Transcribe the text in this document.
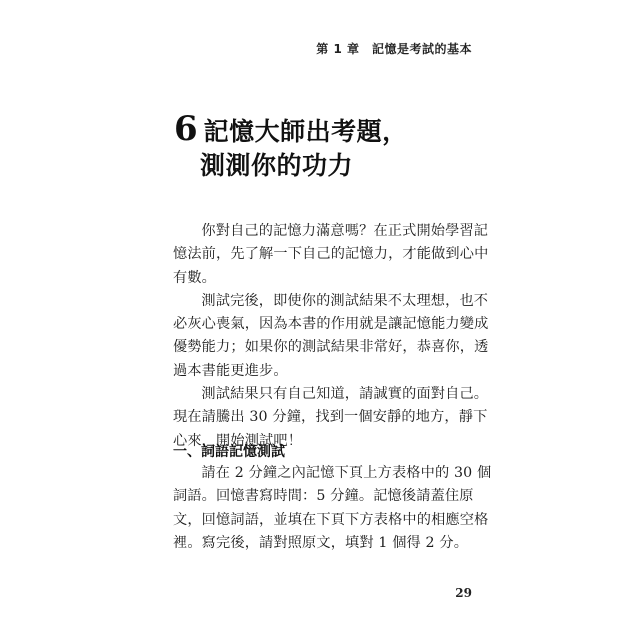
第 1 章　記憶是考試的基本
6 記憶大師出考題，
測測你的功力

你對自己的記憶力滿意嗎？在正式開始學習記憶法前，先了解一下自己的記憶力，才能做到心中有數。

測試完後，即使你的測試結果不太理想，也不必灰心喪氣，因為本書的作用就是讓記憶能力變成優勢能力；如果你的測試結果非常好，恭喜你，透過本書能更進步。

測試結果只有自己知道，請誠實的面對自己。現在請騰出 30 分鐘，找到一個安靜的地方，靜下心來，開始測試吧！

一、詞語記憶測試

請在 2 分鐘之內記憶下頁上方表格中的 30 個詞語。回憶書寫時間：5 分鐘。記憶後請蓋住原文，回憶詞語，並填在下頁下方表格中的相應空格裡。寫完後，請對照原文，填對 1 個得 2 分。

29
